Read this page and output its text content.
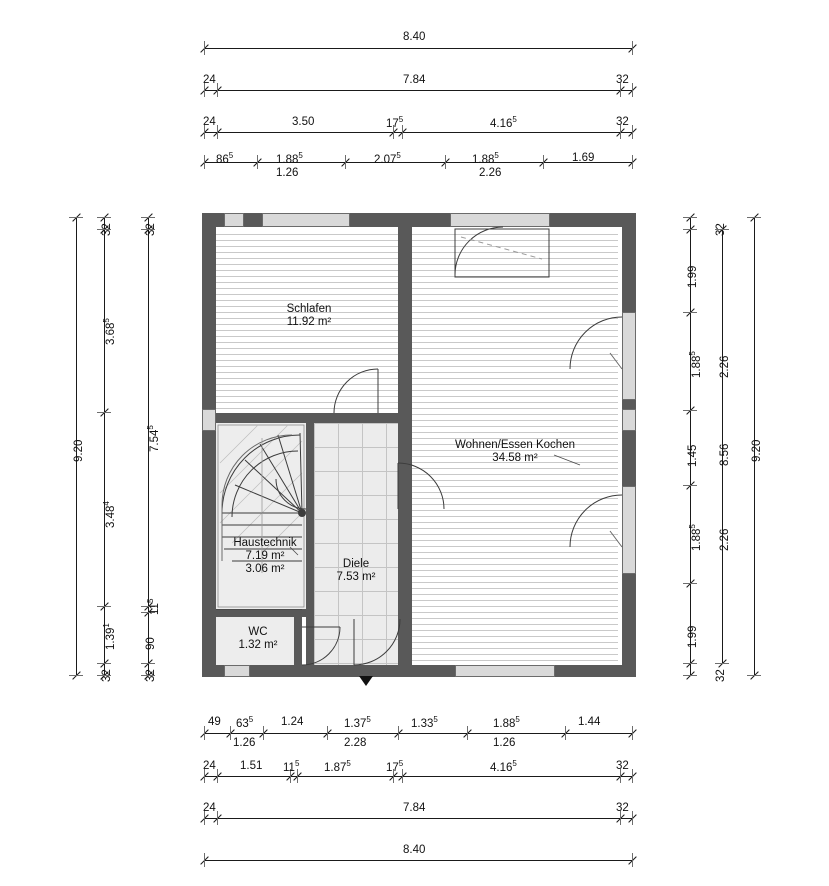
8.40
24	7.84	32
24	3.50	$17^5$	4.16$^5$	32
$86^5$	1.88$^5$	2.07$^5$	1.88$^5$	1.69
1.26	2.26
9.20
32
7.54$^5$
$11^5$
90
32
32
3.68$^5$
3.48$^4$
1.39$^1$
32
32
1.99
1.88$^5$
1.45
1.88$^5$
1.99
32
2.26
8.56
2.26
9.20
49 $63^5$ 1.24	1.37$^5$	1.33$^5$	1.88$^5$	1.44
1.26	2.28	1.26
24 1.51 $11^5$ 1.87$^5$	$17^5$	4.16$^5$	32
24	7.84	32
8.40
Schlafen
11.92 m²
Wohnen/Essen Kochen
34.58 m²
Haustechnik
7.19 m²
3.06 m²	Diele
7.53 m²
WC
1.32 m²
